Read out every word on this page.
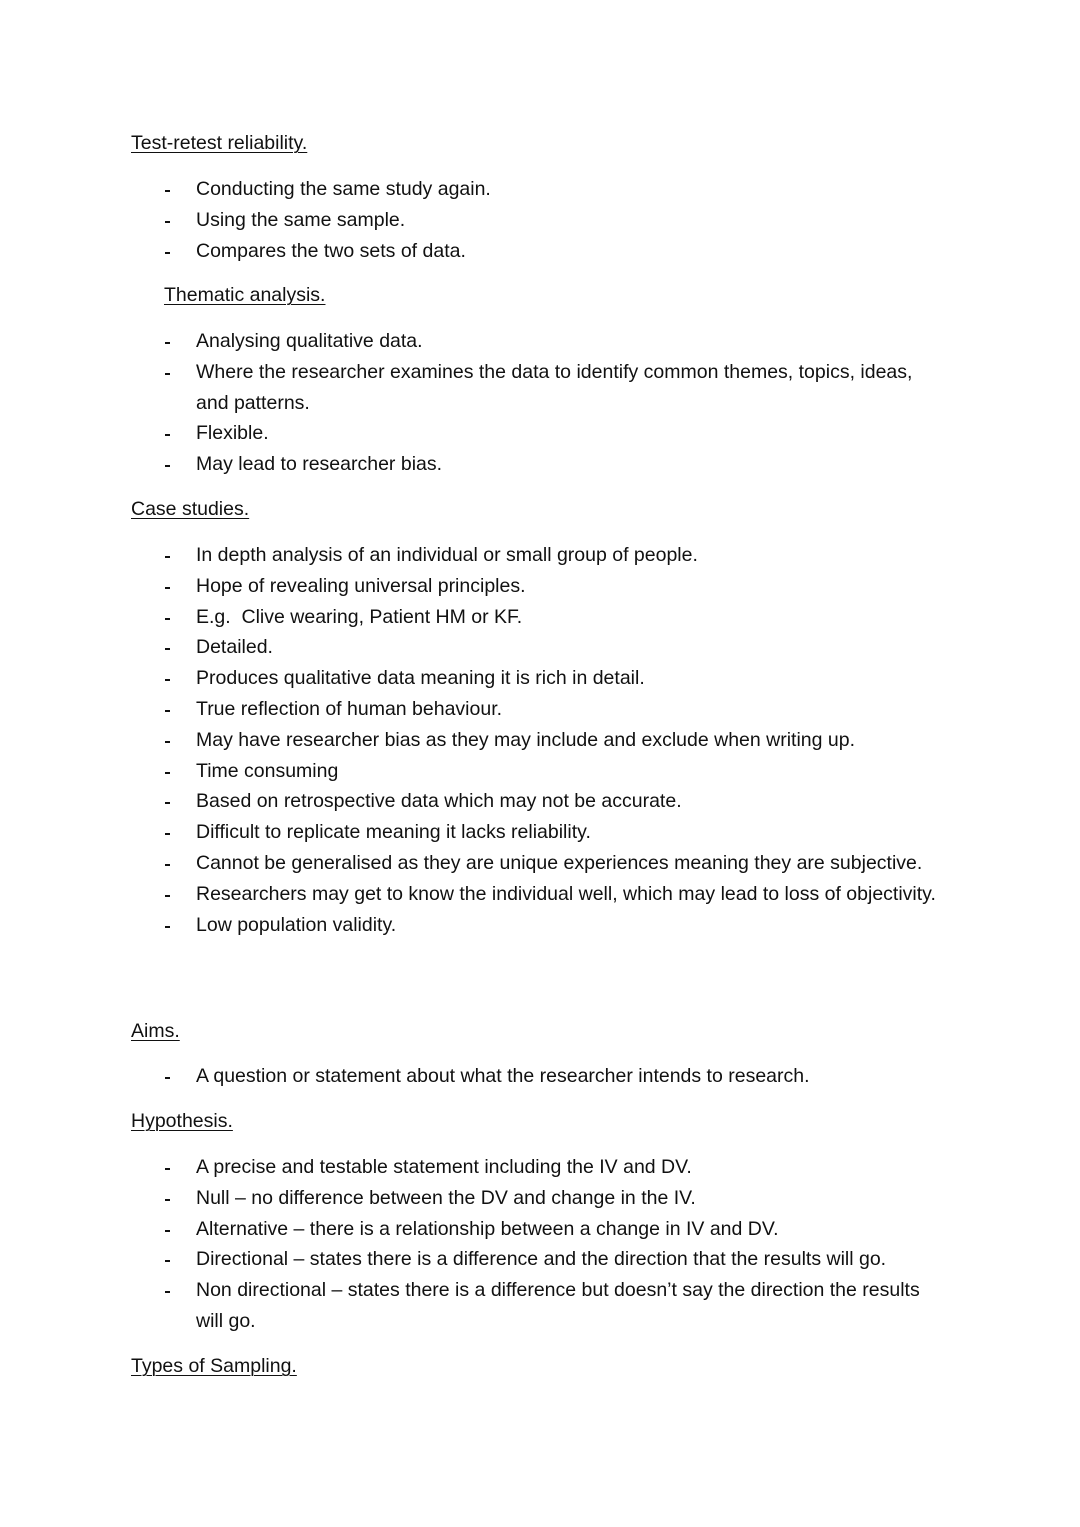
Test-retest reliability.
Conducting the same study again.
Using the same sample.
Compares the two sets of data.
Thematic analysis.
Analysing qualitative data.
Where the researcher examines the data to identify common themes, topics, ideas, and patterns.
Flexible.
May lead to researcher bias.
Case studies.
In depth analysis of an individual or small group of people.
Hope of revealing universal principles.
E.g.  Clive wearing, Patient HM or KF.
Detailed.
Produces qualitative data meaning it is rich in detail.
True reflection of human behaviour.
May have researcher bias as they may include and exclude when writing up.
Time consuming
Based on retrospective data which may not be accurate.
Difficult to replicate meaning it lacks reliability.
Cannot be generalised as they are unique experiences meaning they are subjective.
Researchers may get to know the individual well, which may lead to loss of objectivity.
Low population validity.
Aims.
A question or statement about what the researcher intends to research.
Hypothesis.
A precise and testable statement including the IV and DV.
Null – no difference between the DV and change in the IV.
Alternative – there is a relationship between a change in IV and DV.
Directional – states there is a difference and the direction that the results will go.
Non directional – states there is a difference but doesn’t say the direction the results will go.
Types of Sampling.
